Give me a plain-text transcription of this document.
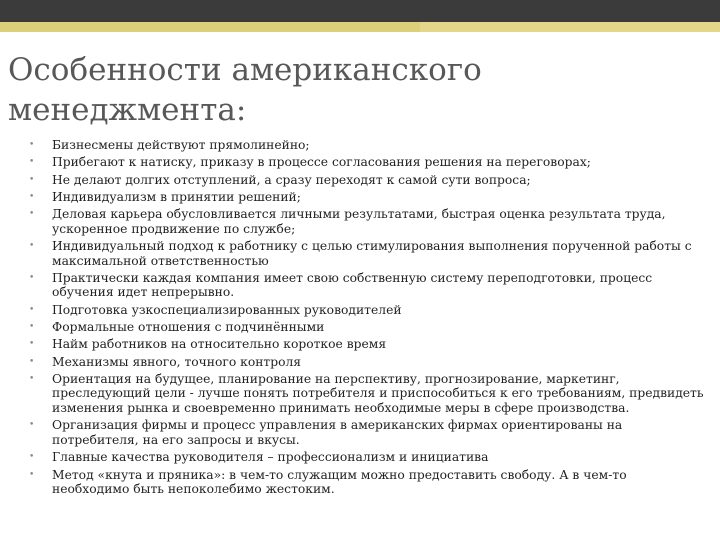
Особенности американского
менеджмента:
• Бизнесмены действуют прямолинейно;
• Прибегают к натиску, приказу в процессе согласования решения на переговорах;
• Не делают долгих отступлений, а сразу переходят к самой сути вопроса;
• Индивидуализм в принятии решений;
• Деловая карьера обусловливается личными результатами, быстрая оценка результата труда, ускоренное продвижение по службе;
• Индивидуальный подход к работнику с целью стимулирования выполнения порученной работы с максимальной ответственностью
• Практически каждая компания имеет свою собственную систему переподготовки, процесс обучения идет непрерывно.
• Подготовка узкоспециализированных руководителей
• Формальные отношения с подчинёнными
• Найм работников на относительно короткое время
• Механизмы явного, точного контроля
• Ориентация на будущее, планирование на перспективу, прогнозирование, маркетинг, преследующий цели - лучше понять потребителя и приспособиться к его требованиям, предвидеть изменения рынка и своевременно принимать необходимые меры в сфере производства.
• Организация фирмы и процесс управления в американских фирмах ориентированы на потребителя, на его запросы и вкусы.
• Главные качества руководителя – профессионализм и инициатива
• Метод «кнута и пряника»: в чем-то служащим можно предоставить свободу. А в чем-то необходимо быть непоколебимо жестоким.
